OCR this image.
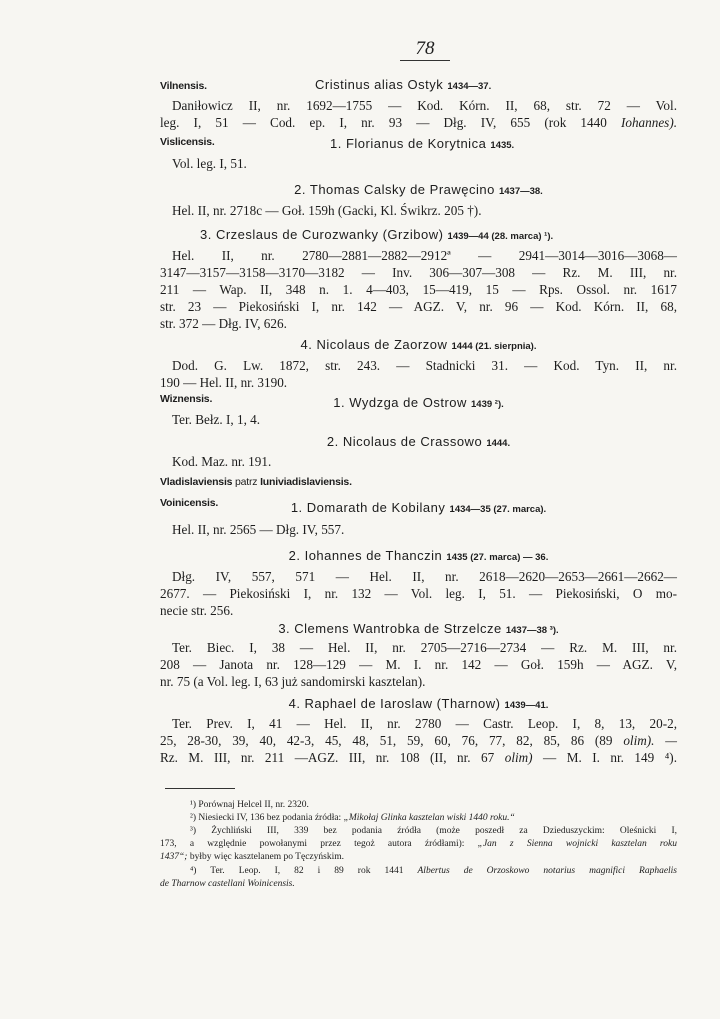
78
Vilnensis.	Cristinus alias Ostyk 1434—37.
Daniłowicz II, nr. 1692—1755 — Kod. Kórn. II, 68, str. 72 — Vol.
leg. I, 51 — Cod. ep. I, nr. 93 — Dłg. IV, 655 (rok 1440 Iohannes).
Vislicensis.	1. Florianus de Korytnica 1435.
Vol. leg. I, 51.
2. Thomas Calsky de Prawęcino 1437—38.
Hel. II, nr. 2718c — Goł. 159h (Gacki, Kl. Świkrz. 205 †).
3. Crzeslaus de Curozwanky (Grzibow) 1439—44 (28. marca) ¹).
Hel. II, nr. 2780—2881—2882—2912ª — 2941—3014—3016—3068—
3147—3157—3158—3170—3182 — Inv. 306—307—308 — Rz. M. III, nr.
211 — Wap. II, 348 n. 1. 4—403, 15—419, 15 — Rps. Ossol. nr. 1617
str. 23 — Piekosiński I, nr. 142 — AGZ. V, nr. 96 — Kod. Kórn. II, 68,
str. 372 — Dłg. IV, 626.
4. Nicolaus de Zaorzow 1444 (21. sierpnia).
Dod. G. Lw. 1872, str. 243. — Stadnicki 31. — Kod. Tyn. II, nr.
190 — Hel. II, nr. 3190.
Wiznensis.	1. Wydzga de Ostrow 1439 ²).
Ter. Bełz. I, 1, 4.
2. Nicolaus de Crassowo 1444.
Kod. Maz. nr. 191.
Vladislaviensis patrz Iuniviadislaviensis.
Voinicensis.	1. Domarath de Kobilany 1434—35 (27. marca).
Hel. II, nr. 2565 — Dłg. IV, 557.
2. Iohannes de Thanczin 1435 (27. marca) — 36.
Dłg. IV, 557, 571 — Hel. II, nr. 2618—2620—2653—2661—2662—
2677. — Piekosiński I, nr. 132 — Vol. leg. I, 51. — Piekosiński, O mo-
necie str. 256.
3. Clemens Wantrobka de Strzelcze 1437—38 ³).
Ter. Biec. I, 38 — Hel. II, nr. 2705—2716—2734 — Rz. M. III, nr.
208 — Janota nr. 128—129 — M. I. nr. 142 — Goł. 159h — AGZ. V,
nr. 75 (a Vol. leg. I, 63 już sandomirski kasztelan).
4. Raphael de Iaroslaw (Tharnow) 1439—41.
Ter. Prev. I, 41 — Hel. II, nr. 2780 — Castr. Leop. I, 8, 13, 20-2,
25, 28-30, 39, 40, 42-3, 45, 48, 51, 59, 60, 76, 77, 82, 85, 86 (89 olim). —
Rz. M. III, nr. 211 —AGZ. III, nr. 108 (II, nr. 67 olim) — M. I. nr. 149 ⁴).
¹) Porównaj Helcel II, nr. 2320.
²) Niesiecki IV, 136 bez podania źródła: „Mikołaj Glinka kasztelan wiski 1440 roku.“
³) Żychliński III, 339 bez podania źródła (może poszedł za Dzieduszyckim: Oleśnicki I,
173, a względnie powołanymi przez tegoż autora źródłami): „Jan z Sienna wojnicki kasztelan roku
1437“; byłby więc kasztelanem po Tęczyńskim.
⁴) Ter. Leop. I, 82 i 89 rok 1441 Albertus de Orzoskowo notarius magnifici Raphaelis
de Tharnow castellani Woinicensis.
